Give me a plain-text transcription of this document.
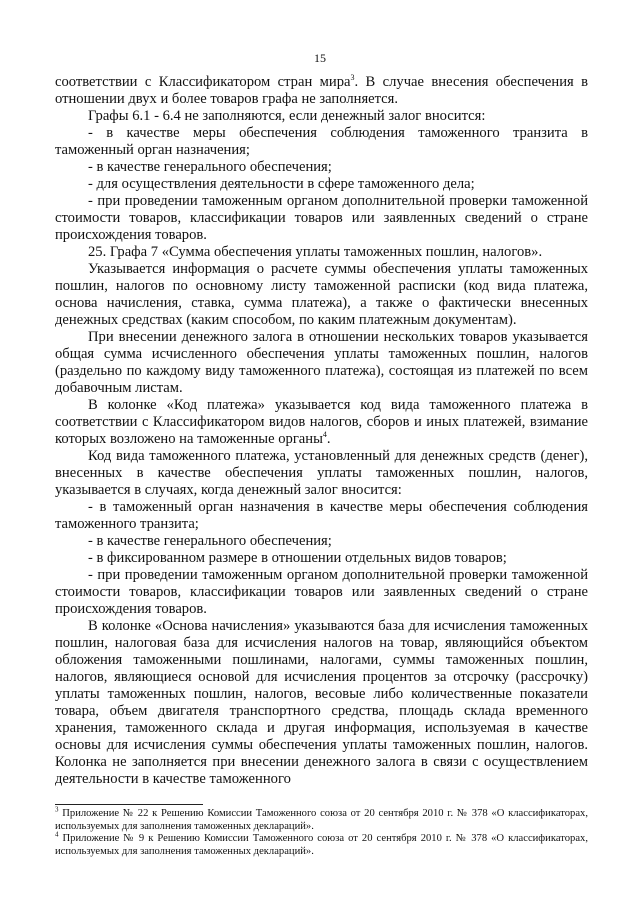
15

соответствии с Классификатором стран мира$^3$. В случае внесения обеспечения в отношении двух и более товаров графа не заполняется.

Графы 6.1 - 6.4 не заполняются, если денежный залог вносится:

- в качестве меры обеспечения соблюдения таможенного транзита в таможенный орган назначения;

- в качестве генерального обеспечения;

- для осуществления деятельности в сфере таможенного дела;

- при проведении таможенным органом дополнительной проверки таможенной стоимости товаров, классификации товаров или заявленных сведений о стране происхождения товаров.

25. Графа 7 «Сумма обеспечения уплаты таможенных пошлин, налогов».

Указывается информация о расчете суммы обеспечения уплаты таможенных пошлин, налогов по основному листу таможенной расписки (код вида платежа, основа начисления, ставка, сумма платежа), а также о фактически внесенных денежных средствах (каким способом, по каким платежным документам).

При внесении денежного залога в отношении нескольких товаров указывается общая сумма исчисленного обеспечения уплаты таможенных пошлин, налогов (раздельно по каждому виду таможенного платежа), состоящая из платежей по всем добавочным листам.

В колонке «Код платежа» указывается код вида таможенного платежа в соответствии с Классификатором видов налогов, сборов и иных платежей, взимание которых возложено на таможенные органы$^4$.

Код вида таможенного платежа, установленный для денежных средств (денег), внесенных в качестве обеспечения уплаты таможенных пошлин, налогов, указывается в случаях, когда денежный залог вносится:

- в таможенный орган назначения в качестве меры обеспечения соблюдения таможенного транзита;

- в качестве генерального обеспечения;

- в фиксированном размере в отношении отдельных видов товаров;

- при проведении таможенным органом дополнительной проверки таможенной стоимости товаров, классификации товаров или заявленных сведений о стране происхождения товаров.

В колонке «Основа начисления» указываются база для исчисления таможенных пошлин, налоговая база для исчисления налогов на товар, являющийся объектом обложения таможенными пошлинами, налогами, суммы таможенных пошлин, налогов, являющиеся основой для исчисления процентов за отсрочку (рассрочку) уплаты таможенных пошлин, налогов, весовые либо количественные показатели товара, объем двигателя транспортного средства, площадь склада временного хранения, таможенного склада и другая информация, используемая в качестве основы для исчисления суммы обеспечения уплаты таможенных пошлин, налогов. Колонка не заполняется при внесении денежного залога в связи с осуществлением деятельности в качестве таможенного

$^3$ Приложение № 22 к Решению Комиссии Таможенного союза от 20 сентября 2010 г. № 378 «О классификаторах, используемых для заполнения таможенных деклараций».

$^4$ Приложение № 9 к Решению Комиссии Таможенного союза от 20 сентября 2010 г. № 378 «О классификаторах, используемых для заполнения таможенных деклараций».
